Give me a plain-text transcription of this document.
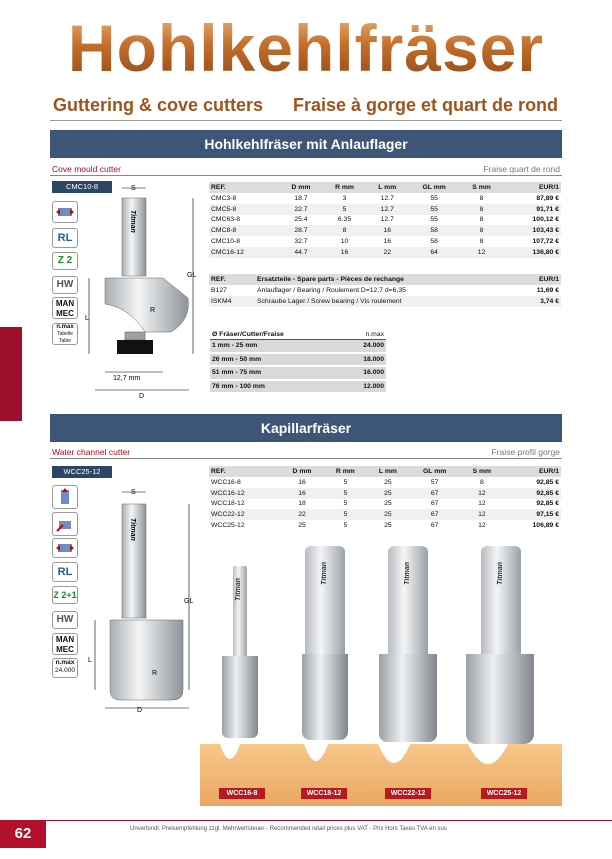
Hohlkehlfräser
Guttering & cove cutters Fraise à gorge et quart de rond
Hohlkehlfräser mit Anlauflager
Cove mould cutter	Fraise quart de rond
CMC10-8
RL
Z 2
HW
MAN MEC
n.max
Tabelle Table
S
GL
L
R
D
12,7 mm
Titman
REF.	D mm	R mm	L mm	GL mm	S mm	EUR/1
CMC3-8	18.7	3	12.7	55	8	87,89 €
CMC5-8	22.7	5	12.7	55	8	91,71 €
CMC63-8	25.4	6.35	12.7	55	8	100,12 €
CMC8-8	28.7	8	16	58	8	103,43 €
CMC10-8	32.7	10	16	58	8	107,72 €
CMC16-12	44.7	16	22	64	12	136,80 €
REF.	Ersatzteile - Spare parts - Pièces de rechange	EUR/1
B127	Anlauflager / Bearing / Roulement D=12,7 d=6,35	11,69 €
ISKM4	Schraube Lager / Screw bearing / Vis roulement	3,74 €
Ø Fräser/Cutter/Fraise	n.max
1 mm - 25 mm	24.000
26 mm - 50 mm	18.000
51 mm - 75 mm	16.000
76 mm - 100 mm	12.000
Kapillarfräser
Water channel cutter	Fraise profil gorge
WCC25-12
RL
Z 2+1
HW
MAN MEC
n.max
24.000
S
GL
L
R
D
Titman
REF.	D mm	R mm	L mm	GL mm	S mm	EUR/1
WCC16-8	16	5	25	57	8	92,85 €
WCC16-12	16	5	25	67	12	92,85 €
WCC18-12	18	5	25	67	12	92,85 €
WCC22-12	22	5	25	67	12	97,15 €
WCC25-12	25	5	25	67	12	106,89 €
Titman
Titman	Titman	Titman
WCC16-8	WCC18-12	WCC22-12	WCC25-12
62	Unverbindl. Preisempfehlung zzgl. Mehrwertsteuer - Recommended retail prices plus VAT - Prix Hors Taxes TVA en sus
